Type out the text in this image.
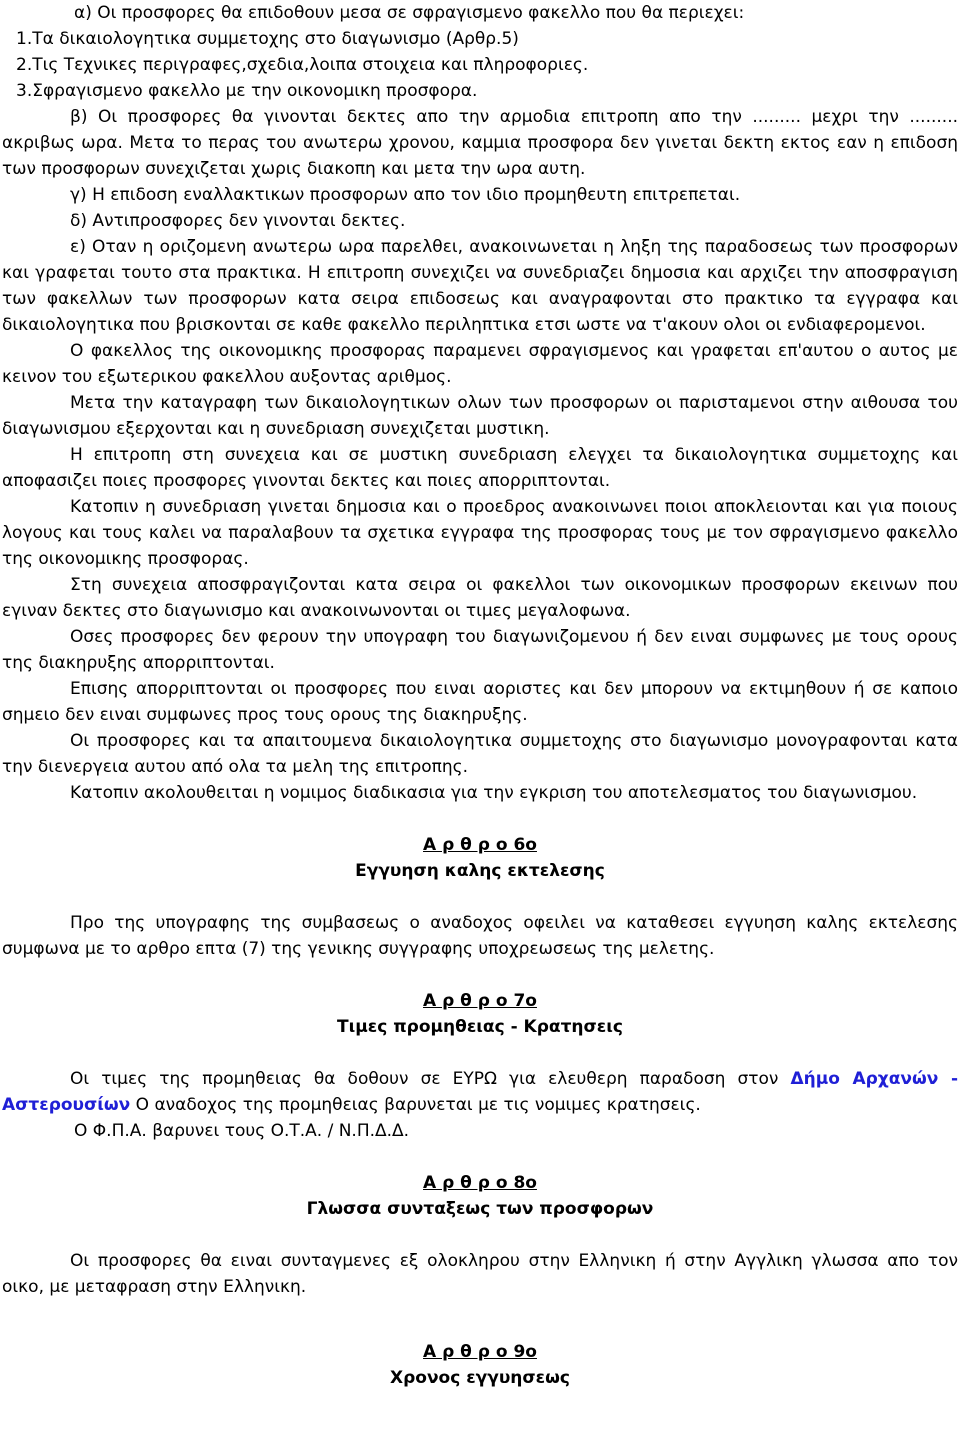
α) Οι προσφορες θα επιδοθουν μεσα σε σφραγισμενο φακελλο που θα περιεχει:
1.Τα δικαιολογητικα συμμετοχης στο διαγωνισμο (Αρθρ.5)
2.Τις Τεχνικες περιγραφες,σχεδια,λοιπα στοιχεια και πληροφοριες.
3.Σφραγισμενο φακελλο με την οικονομικη προσφορα.

β) Οι προσφορες θα γινονται δεκτες απο την αρμοδια επιτροπη απο την ......... μεχρι την ......... ακριβως ωρα. Μετα το περας του ανωτερω χρονου, καμμια προσφορα δεν γινεται δεκτη εκτος εαν η επιδοση των προσφορων συνεχιζεται χωρις διακοπη και μετα την ωρα αυτη.

γ) Η επιδοση εναλλακτικων προσφορων απο τον ιδιο προμηθευτη επιτρεπεται.

δ) Αντιπροσφορες δεν γινονται δεκτες.

ε) Οταν η οριζομενη ανωτερω ωρα παρελθει, ανακοινωνεται η ληξη της παραδοσεως των προσφορων και γραφεται τουτο στα πρακτικα. Η επιτροπη συνεχιζει να συνεδριαζει δημοσια και αρχιζει την αποσφραγιση των φακελλων των προσφορων κατα σειρα επιδοσεως και αναγραφονται στο πρακτικο τα εγγραφα και δικαιολογητικα που βρισκονται σε καθε φακελλο περιληπτικα ετσι ωστε να τ'ακουν ολοι οι ενδιαφερομενοι.

Ο φακελλος της οικονομικης προσφορας παραμενει σφραγισμενος και γραφεται επ'αυτου ο αυτος με κεινον του εξωτερικου φακελλου αυξοντας αριθμος.

Μετα την καταγραφη των δικαιολογητικων ολων των προσφορων οι παρισταμενοι στην αιθουσα του διαγωνισμου εξερχονται και η συνεδριαση συνεχιζεται μυστικη.

Η επιτροπη στη συνεχεια και σε μυστικη συνεδριαση ελεγχει τα δικαιολογητικα συμμετοχης και αποφασιζει ποιες προσφορες γινονται δεκτες και ποιες απορριπτονται.

Κατοπιν η συνεδριαση γινεται δημοσια και ο προεδρος ανακοινωνει ποιοι αποκλειονται και για ποιους λογους και τους καλει να παραλαβουν τα σχετικα εγγραφα της προσφορας τους με τον σφραγισμενο φακελλο της οικονομικης προσφορας.

Στη συνεχεια αποσφραγιζονται κατα σειρα οι φακελλοι των οικονομικων προσφορων εκεινων που εγιναν δεκτες στο διαγωνισμο και ανακοινωνονται οι τιμες μεγαλοφωνα.

Οσες προσφορες δεν φερουν την υπογραφη του διαγωνιζομενου ή δεν ειναι συμφωνες με τους ορους της διακηρυξης απορριπτονται.

Επισης απορριπτονται οι προσφορες που ειναι αοριστες και δεν μπορουν να εκτιμηθουν ή σε καποιο σημειο δεν ειναι συμφωνες προς τους ορους της διακηρυξης.

Οι προσφορες και τα απαιτουμενα δικαιολογητικα συμμετοχης στο διαγωνισμο μονογραφονται κατα την διενεργεια αυτου από ολα τα μελη της επιτροπης.

Κατοπιν ακολουθειται η νομιμος διαδικασια για την εγκριση του αποτελεσματος του διαγωνισμου.

Α ρ θ ρ ο 6ο
Εγγυηση καλης εκτελεσης

Προ της υπογραφης της συμβασεως ο αναδοχος οφειλει να καταθεσει εγγυηση καλης εκτελεσης συμφωνα με το αρθρο επτα (7) της γενικης συγγραφης υποχρεωσεως της μελετης.

Α ρ θ ρ ο 7ο
Τιμες προμηθειας - Κρατησεις

Οι τιμες της προμηθειας θα δοθουν σε ΕΥΡΩ για ελευθερη παραδοση στον Δήμο Αρχανών - Αστερουσίων Ο αναδοχος της προμηθειας βαρυνεται με τις νομιμες κρατησεις.

Ο Φ.Π.Α. βαρυνει τους Ο.Τ.Α. / Ν.Π.Δ.Δ.
Α ρ θ ρ ο 8ο
Γλωσσα συνταξεως των προσφορων

Οι προσφορες θα ειναι συνταγμενες εξ ολοκληρου στην Ελληνικη ή στην Αγγλικη γλωσσα απο τον οικο, με μεταφραση στην Ελληνικη.

Α ρ θ ρ ο 9ο
Χρονος εγγυησεως
